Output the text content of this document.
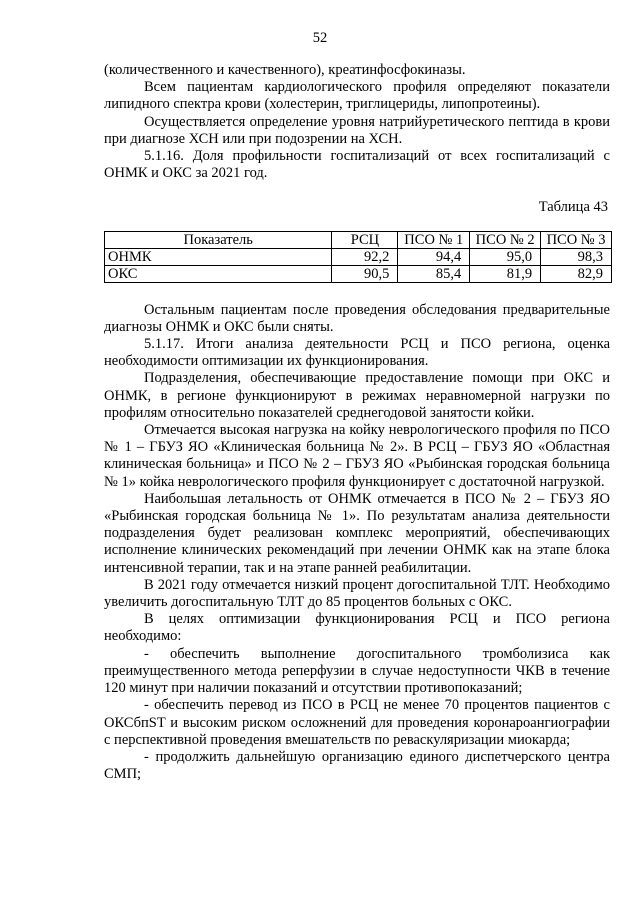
52

(количественного и качественного), креатинфосфокиназы.

Всем пациентам кардиологического профиля определяют показатели липидного спектра крови (холестерин, триглицериды, липопротеины).

Осуществляется определение уровня натрийуретического пептида в крови при диагнозе ХСН или при подозрении на ХСН.

5.1.16. Доля профильности госпитализаций от всех госпитализаций с ОНМК и ОКС за 2021 год.

Таблица 43
Показатель	РСЦ	ПСО № 1	ПСО № 2	ПСО № 3
ОНМК	92,2	94,4	95,0	98,3
ОКС	90,5	85,4	81,9	82,9

Остальным пациентам после проведения обследования предварительные диагнозы ОНМК и ОКС были сняты.

5.1.17. Итоги анализа деятельности РСЦ и ПСО региона, оценка необходимости оптимизации их функционирования.

Подразделения, обеспечивающие предоставление помощи при ОКС и ОНМК, в регионе функционируют в режимах неравномерной нагрузки по профилям относительно показателей среднегодовой занятости койки.

Отмечается высокая нагрузка на койку неврологического профиля по ПСО № 1 – ГБУЗ ЯО «Клиническая больница № 2». В РСЦ – ГБУЗ ЯО «Областная клиническая больница» и ПСО № 2 – ГБУЗ ЯО «Рыбинская городская больница № 1» койка неврологического профиля функционирует с достаточной нагрузкой.

Наибольшая летальность от ОНМК отмечается в ПСО № 2 – ГБУЗ ЯО «Рыбинская городская больница № 1». По результатам анализа деятельности подразделения будет реализован комплекс мероприятий, обеспечивающих исполнение клинических рекомендаций при лечении ОНМК как на этапе блока интенсивной терапии, так и на этапе ранней реабилитации.

В 2021 году отмечается низкий процент догоспитальной ТЛТ. Необходимо увеличить догоспитальную ТЛТ до 85 процентов больных с ОКС.

В целях оптимизации функционирования РСЦ и ПСО региона необходимо:

- обеспечить выполнение догоспитального тромболизиса как преимущественного метода реперфузии в случае недоступности ЧКВ в течение 120 минут при наличии показаний и отсутствии противопоказаний;

- обеспечить перевод из ПСО в РСЦ не менее 70 процентов пациентов с ОКСбпST и высоким риском осложнений для проведения коронароангиографии с перспективной проведения вмешательств по реваскуляризации миокарда;

- продолжить дальнейшую организацию единого диспетчерского центра СМП;
